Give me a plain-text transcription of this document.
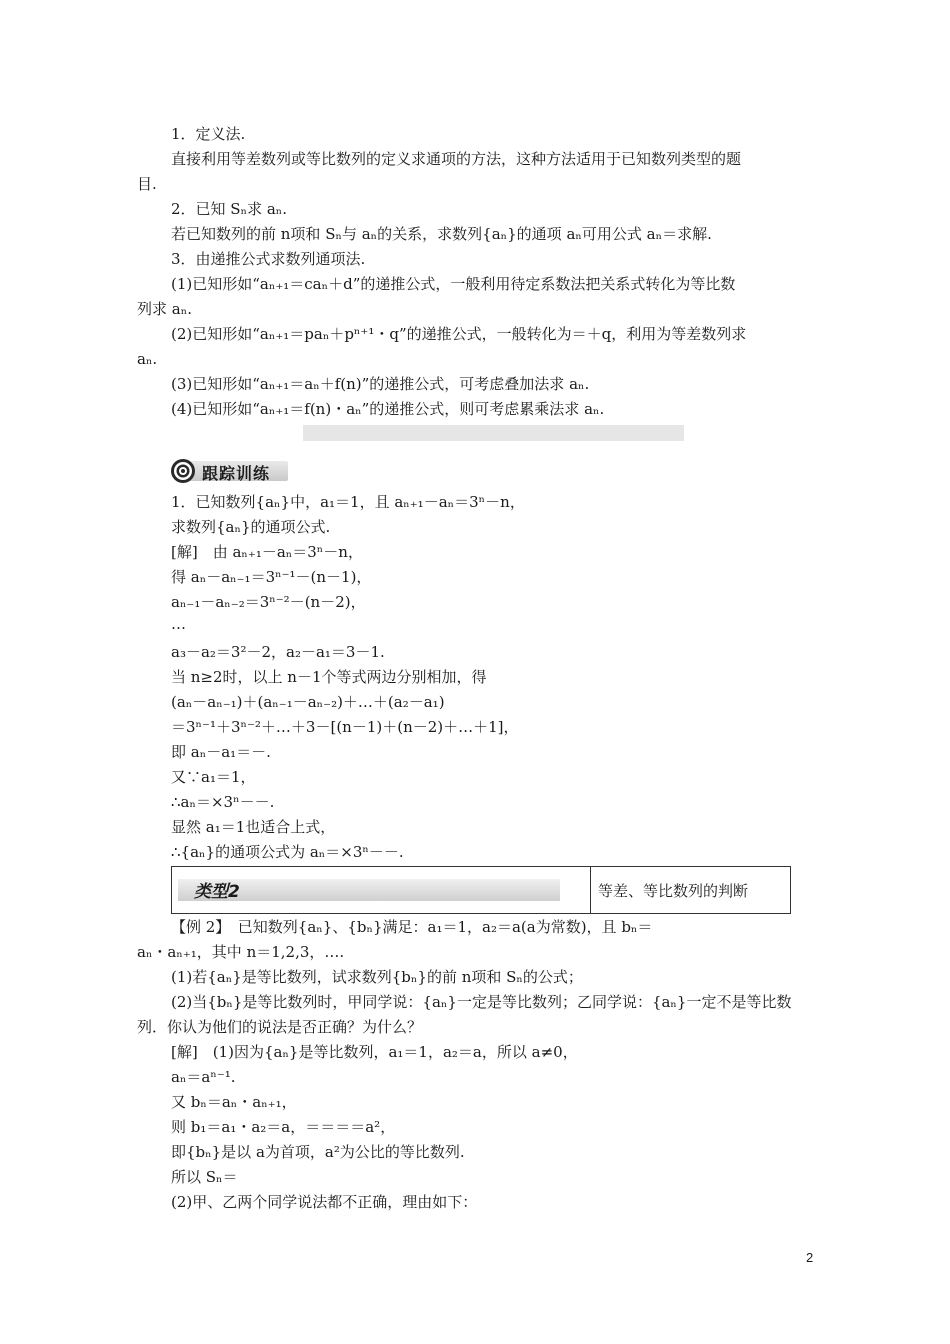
1．定义法.
直接利用等差数列或等比数列的定义求通项的方法，这种方法适用于已知数列类型的题
目.
2．已知 Sₙ求 aₙ.
若已知数列的前 n项和 Sₙ与 aₙ的关系，求数列{aₙ}的通项 aₙ可用公式 aₙ＝求解.
3．由递推公式求数列通项法.
(1)已知形如“aₙ₊₁＝caₙ＋d”的递推公式，一般利用待定系数法把关系式转化为等比数
列求 aₙ.
(2)已知形如“aₙ₊₁＝paₙ＋pⁿ⁺¹・q”的递推公式，一般转化为＝＋q，利用为等差数列求
aₙ.
(3)已知形如“aₙ₊₁＝aₙ＋f(n)”的递推公式，可考虑叠加法求 aₙ.
(4)已知形如“aₙ₊₁＝f(n)・aₙ”的递推公式，则可考虑累乘法求 aₙ.
跟踪训练
1．已知数列{aₙ}中，a₁＝1，且 aₙ₊₁－aₙ＝3ⁿ－n，
求数列{aₙ}的通项公式.
[解]　由 aₙ₊₁－aₙ＝3ⁿ－n，
得 aₙ－aₙ₋₁＝3ⁿ⁻¹－(n－1)，
aₙ₋₁－aₙ₋₂＝3ⁿ⁻²－(n－2)，
…
a₃－a₂＝3²－2，a₂－a₁＝3－1.
当 n≥2时，以上 n－1个等式两边分别相加，得
(aₙ－aₙ₋₁)＋(aₙ₋₁－aₙ₋₂)＋…＋(a₂－a₁)
＝3ⁿ⁻¹＋3ⁿ⁻²＋…＋3－[(n－1)＋(n－2)＋…＋1]，
即 aₙ－a₁＝－.
又∵a₁＝1，
∴aₙ＝×3ⁿ－－.
显然 a₁＝1也适合上式，
∴{aₙ}的通项公式为 aₙ＝×3ⁿ－－.
类型2	等差、等比数列的判断
【例 2】　已知数列{aₙ}、{bₙ}满足：a₁＝1，a₂＝a(a为常数)，且 bₙ＝
aₙ・aₙ₊₁，其中 n＝1,2,3，….
(1)若{aₙ}是等比数列，试求数列{bₙ}的前 n项和 Sₙ的公式；
(2)当{bₙ}是等比数列时，甲同学说：{aₙ}一定是等比数列；乙同学说：{aₙ}一定不是等比数
列．你认为他们的说法是否正确？为什么？
[解]　(1)因为{aₙ}是等比数列，a₁＝1，a₂＝a，所以 a≠0，
aₙ＝aⁿ⁻¹.
又 bₙ＝aₙ・aₙ₊₁，
则 b₁＝a₁・a₂＝a，＝＝＝＝a²，
即{bₙ}是以 a为首项，a²为公比的等比数列.
所以 Sₙ＝
(2)甲、乙两个同学说法都不正确，理由如下：
2
